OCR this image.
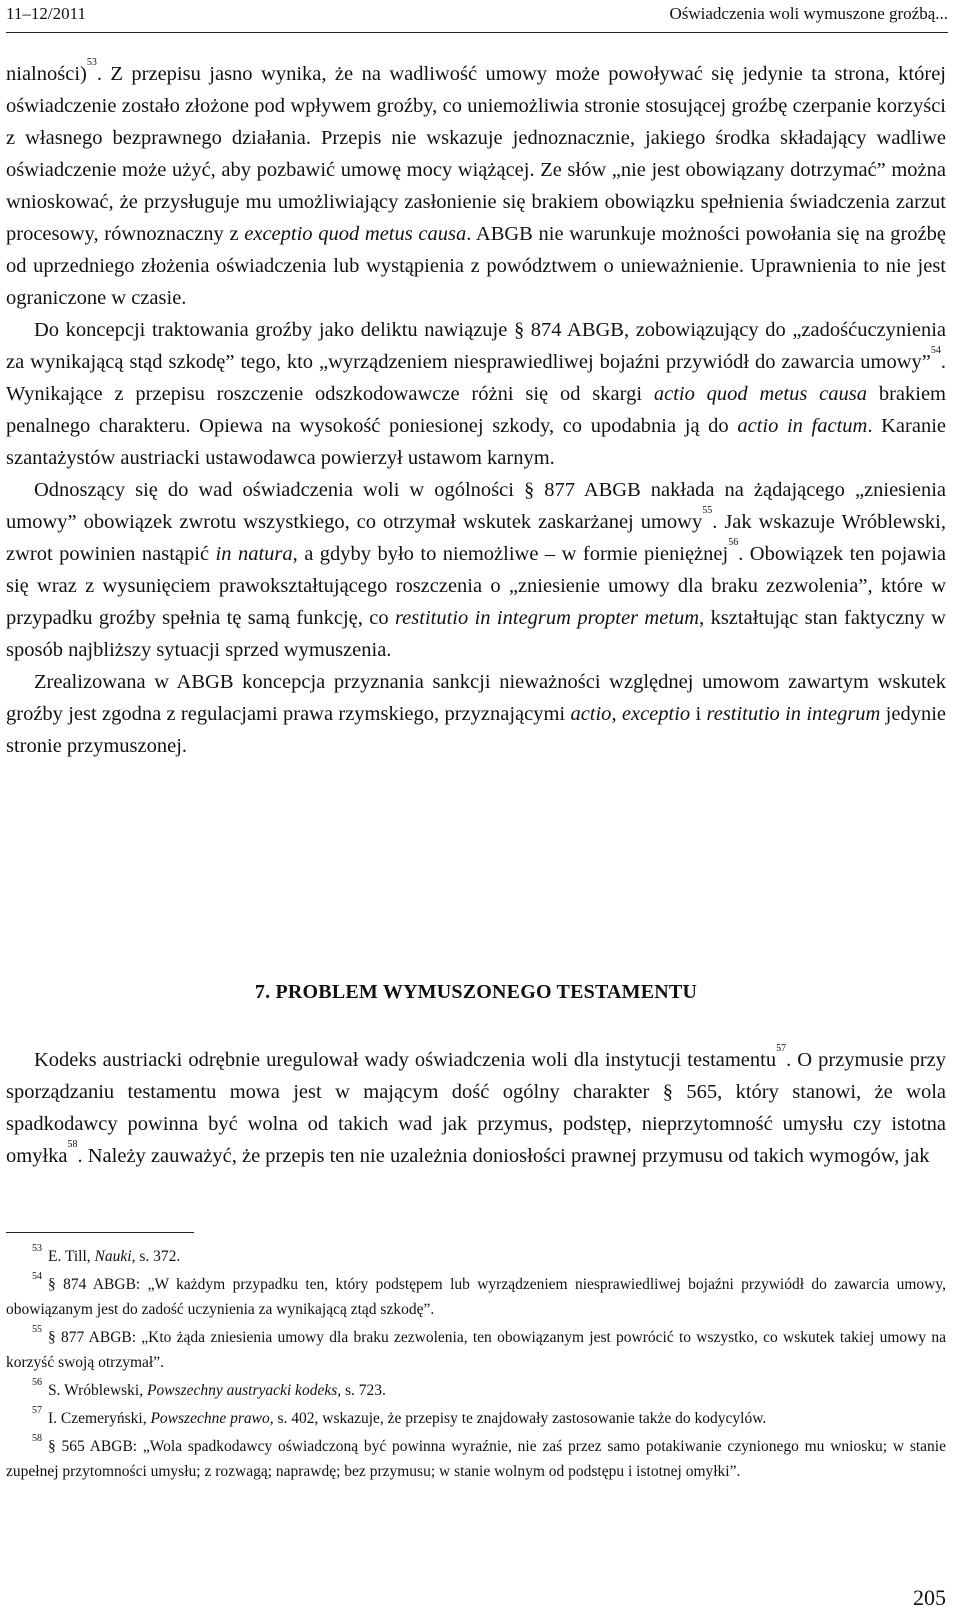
11–12/2011	Oświadczenia woli wymuszone groźbą...

nialności)$^{53}$. Z przepisu jasno wynika, że na wadliwość umowy może powoływać się jedynie ta strona, której oświadczenie zostało złożone pod wpływem groźby, co uniemożliwia stronie stosującej groźbę czerpanie korzyści z własnego bezprawnego działania. Przepis nie wskazuje jednoznacznie, jakiego środka składający wadliwe oświadczenie może użyć, aby pozbawić umowę mocy wiążącej. Ze słów „nie jest obowiązany dotrzymać” można wnioskować, że przysługuje mu umożliwiający zasłonienie się brakiem obowiązku spełnienia świadczenia zarzut procesowy, równoznaczny z exceptio quod metus causa. ABGB nie warunkuje możności powołania się na groźbę od uprzedniego złożenia oświadczenia lub wystąpienia z powództwem o unieważnienie. Uprawnienia to nie jest ograniczone w czasie.

Do koncepcji traktowania groźby jako deliktu nawiązuje § 874 ABGB, zobowiązujący do „zadośćuczynienia za wynikającą stąd szkodę” tego, kto „wyrządzeniem niesprawiedliwej bojaźni przywiódł do zawarcia umowy”$^{54}$. Wynikające z przepisu roszczenie odszkodowawcze różni się od skargi actio quod metus causa brakiem penalnego charakteru. Opiewa na wysokość poniesionej szkody, co upodabnia ją do actio in factum. Karanie szantażystów austriacki ustawodawca powierzył ustawom karnym.

Odnoszący się do wad oświadczenia woli w ogólności § 877 ABGB nakłada na żądającego „zniesienia umowy” obowiązek zwrotu wszystkiego, co otrzymał wskutek zaskarżanej umowy$^{55}$. Jak wskazuje Wróblewski, zwrot powinien nastąpić in natura, a gdyby było to niemożliwe – w formie pieniężnej$^{56}$. Obowiązek ten pojawia się wraz z wysunięciem prawokształtującego roszczenia o „zniesienie umowy dla braku zezwolenia”, które w przypadku groźby spełnia tę samą funkcję, co restitutio in integrum propter metum, kształtując stan faktyczny w sposób najbliższy sytuacji sprzed wymuszenia.

Zrealizowana w ABGB koncepcja przyznania sankcji nieważności względnej umowom zawartym wskutek groźby jest zgodna z regulacjami prawa rzymskiego, przyznającymi actio, exceptio i restitutio in integrum jedynie stronie przymuszonej.

7. PROBLEM WYMUSZONEGO TESTAMENTU

Kodeks austriacki odrębnie uregulował wady oświadczenia woli dla instytucji testamentu$^{57}$. O przymusie przy sporządzaniu testamentu mowa jest w mającym dość ogólny charakter § 565, który stanowi, że wola spadkodawcy powinna być wolna od takich wad jak przymus, podstęp, nieprzytomność umysłu czy istotna omyłka$^{58}$. Należy zauważyć, że przepis ten nie uzależnia doniosłości prawnej przymusu od takich wymogów, jak

$^{53}$ E. Till, Nauki, s. 372.

$^{54}$ § 874 ABGB: „W każdym przypadku ten, który podstępem lub wyrządzeniem niesprawiedliwej bojaźni przywiódł do zawarcia umowy, obowiązanym jest do zadość uczynienia za wynikającą ztąd szkodę”.

$^{55}$ § 877 ABGB: „Kto żąda zniesienia umowy dla braku zezwolenia, ten obowiązanym jest powrócić to wszystko, co wskutek takiej umowy na korzyść swoją otrzymał”.

$^{56}$ S. Wróblewski, Powszechny austryacki kodeks, s. 723.

$^{57}$ I. Czemeryński, Powszechne prawo, s. 402, wskazuje, że przepisy te znajdowały zastosowanie także do kodycylów.

$^{58}$ § 565 ABGB: „Wola spadkodawcy oświadczoną być powinna wyraźnie, nie zaś przez samo potakiwanie czynionego mu wniosku; w stanie zupełnej przytomności umysłu; z rozwagą; naprawdę; bez przymusu; w stanie wolnym od podstępu i istotnej omyłki”.

205
